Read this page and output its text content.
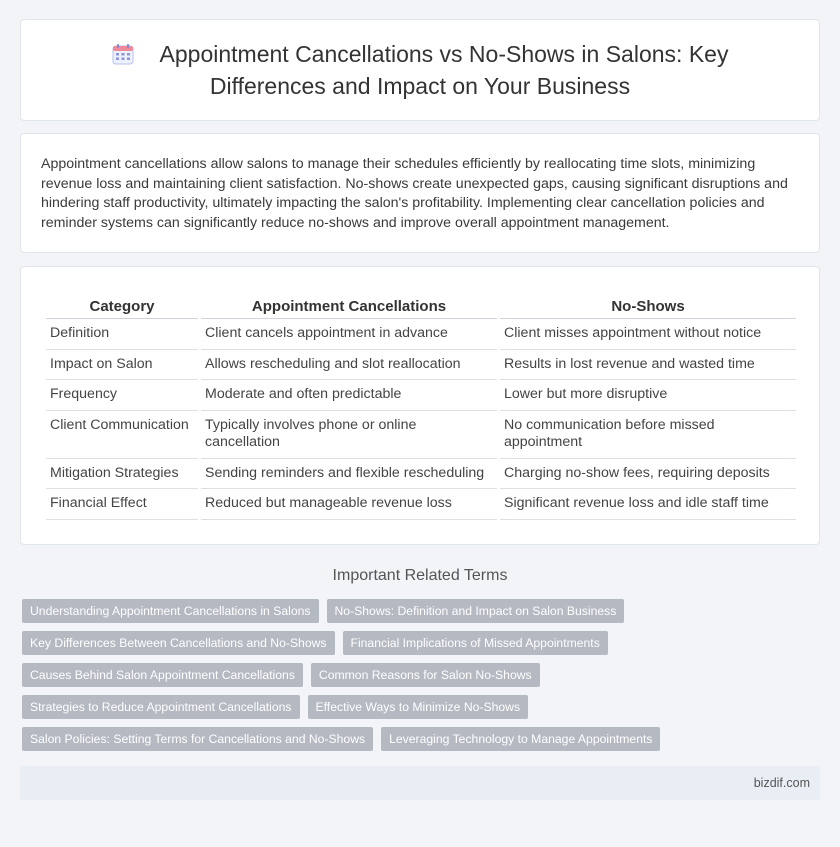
Appointment Cancellations vs No-Shows in Salons: Key Differences and Impact on Your Business

Appointment cancellations allow salons to manage their schedules efficiently by reallocating time slots, minimizing revenue loss and maintaining client satisfaction. No-shows create unexpected gaps, causing significant disruptions and hindering staff productivity, ultimately impacting the salon's profitability. Implementing clear cancellation policies and reminder systems can significantly reduce no-shows and improve overall appointment management.

Category	Appointment Cancellations	No-Shows
Definition	Client cancels appointment in advance	Client misses appointment without notice
Impact on Salon	Allows rescheduling and slot reallocation	Results in lost revenue and wasted time
Frequency	Moderate and often predictable	Lower but more disruptive
Client Communication	Typically involves phone or online cancellation	No communication before missed appointment
Mitigation Strategies	Sending reminders and flexible rescheduling	Charging no-show fees, requiring deposits
Financial Effect	Reduced but manageable revenue loss	Significant revenue loss and idle staff time
Important Related Terms
Understanding Appointment Cancellations in Salons	No-Shows: Definition and Impact on Salon Business
Key Differences Between Cancellations and No-Shows	Financial Implications of Missed Appointments
Causes Behind Salon Appointment Cancellations	Common Reasons for Salon No-Shows
Strategies to Reduce Appointment Cancellations	Effective Ways to Minimize No-Shows
Salon Policies: Setting Terms for Cancellations and No-Shows	Leveraging Technology to Manage Appointments
bizdif.com
